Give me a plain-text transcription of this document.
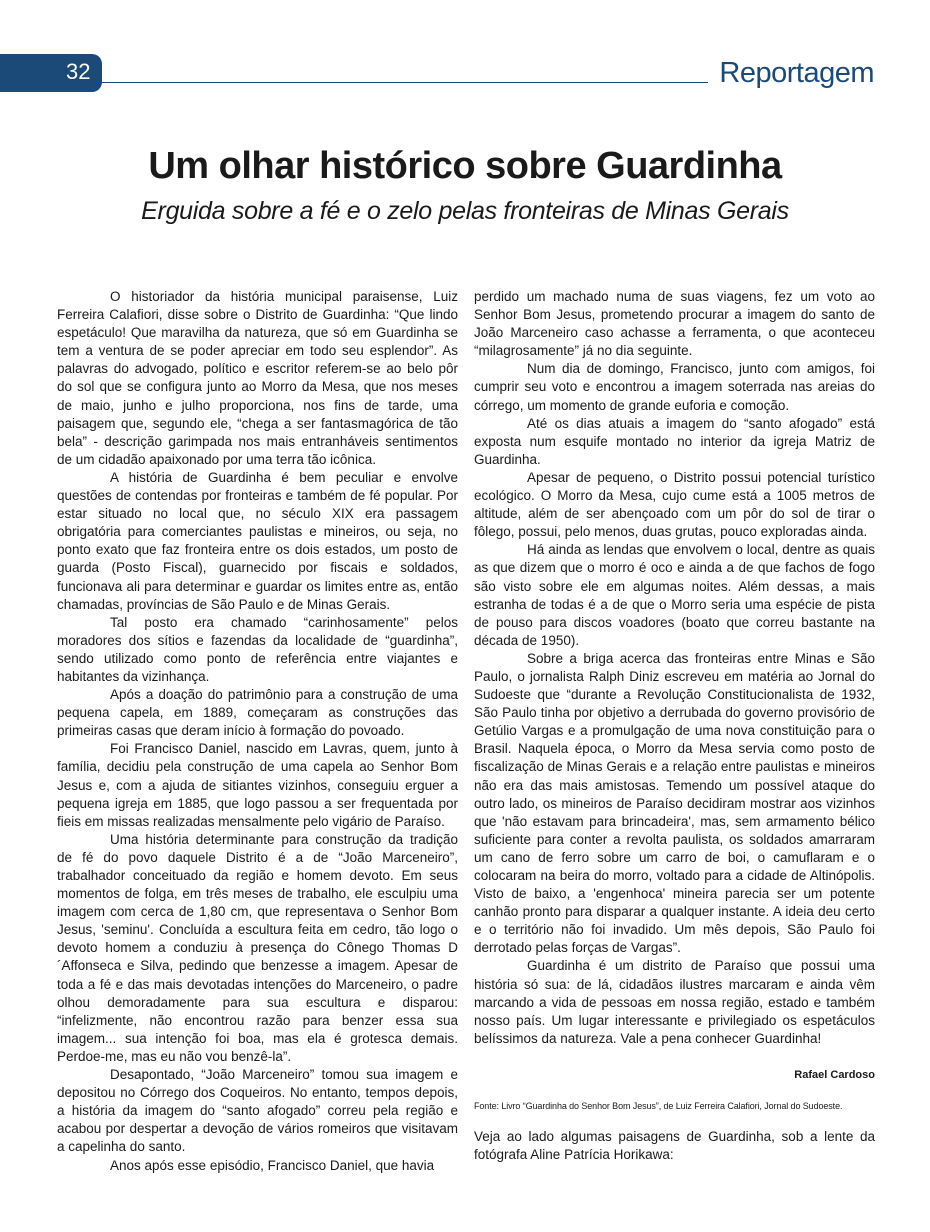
32	Reportagem
Um olhar histórico sobre Guardinha
Erguida sobre a fé e o zelo pelas fronteiras de Minas Gerais

O historiador da história municipal paraisense, Luiz Ferreira Calafiori, disse sobre o Distrito de Guardinha: “Que lindo espetáculo! Que maravilha da natureza, que só em Guardinha se tem a ventura de se poder apreciar em todo seu esplendor”. As palavras do advogado, político e escritor referem-se ao belo pôr do sol que se configura junto ao Morro da Mesa, que nos meses de maio, junho e julho proporciona, nos fins de tarde, uma paisagem que, segundo ele, “chega a ser fantasmagórica de tão bela” - descrição garimpada nos mais entranháveis sentimentos de um cidadão apaixonado por uma terra tão icônica.

A história de Guardinha é bem peculiar e envolve questões de contendas por fronteiras e também de fé popular. Por estar situado no local que, no século XIX era passagem obrigatória para comerciantes paulistas e mineiros, ou seja, no ponto exato que faz fronteira entre os dois estados, um posto de guarda (Posto Fiscal), guarnecido por fiscais e soldados, funcionava ali para determinar e guardar os limites entre as, então chamadas, províncias de São Paulo e de Minas Gerais.

Tal posto era chamado “carinhosamente” pelos moradores dos sítios e fazendas da localidade de “guardinha”, sendo utilizado como ponto de referência entre viajantes e habitantes da vizinhança.

Após a doação do patrimônio para a construção de uma pequena capela, em 1889, começaram as construções das primeiras casas que deram início à formação do povoado.

Foi Francisco Daniel, nascido em Lavras, quem, junto à família, decidiu pela construção de uma capela ao Senhor Bom Jesus e, com a ajuda de sitiantes vizinhos, conseguiu erguer a pequena igreja em 1885, que logo passou a ser frequentada por fieis em missas realizadas mensalmente pelo vigário de Paraíso.

Uma história determinante para construção da tradição de fé do povo daquele Distrito é a de “João Marceneiro”, trabalhador conceituado da região e homem devoto. Em seus momentos de folga, em três meses de trabalho, ele esculpiu uma imagem com cerca de 1,80 cm, que representava o Senhor Bom Jesus, 'seminu'. Concluída a escultura feita em cedro, tão logo o devoto homem a conduziu à presença do Cônego Thomas D´Affonseca e Silva, pedindo que benzesse a imagem. Apesar de toda a fé e das mais devotadas intenções do Marceneiro, o padre olhou demoradamente para sua escultura e disparou: “infelizmente, não encontrou razão para benzer essa sua imagem... sua intenção foi boa, mas ela é grotesca demais. Perdoe-me, mas eu não vou benzê-la”.

Desapontado, “João Marceneiro” tomou sua imagem e depositou no Córrego dos Coqueiros. No entanto, tempos depois, a história da imagem do “santo afogado” correu pela região e acabou por despertar a devoção de vários romeiros que visitavam a capelinha do santo.

Anos após esse episódio, Francisco Daniel, que havia

perdido um machado numa de suas viagens, fez um voto ao Senhor Bom Jesus, prometendo procurar a imagem do santo de João Marceneiro caso achasse a ferramenta, o que aconteceu “milagrosamente” já no dia seguinte.

Num dia de domingo, Francisco, junto com amigos, foi cumprir seu voto e encontrou a imagem soterrada nas areias do córrego, um momento de grande euforia e comoção.

Até os dias atuais a imagem do “santo afogado” está exposta num esquife montado no interior da igreja Matriz de Guardinha.

Apesar de pequeno, o Distrito possui potencial turístico ecológico. O Morro da Mesa, cujo cume está a 1005 metros de altitude, além de ser abençoado com um pôr do sol de tirar o fôlego, possui, pelo menos, duas grutas, pouco exploradas ainda.

Há ainda as lendas que envolvem o local, dentre as quais as que dizem que o morro é oco e ainda a de que fachos de fogo são visto sobre ele em algumas noites. Além dessas, a mais estranha de todas é a de que o Morro seria uma espécie de pista de pouso para discos voadores (boato que correu bastante na década de 1950).

Sobre a briga acerca das fronteiras entre Minas e São Paulo, o jornalista Ralph Diniz escreveu em matéria ao Jornal do Sudoeste que “durante a Revolução Constitucionalista de 1932, São Paulo tinha por objetivo a derrubada do governo provisório de Getúlio Vargas e a promulgação de uma nova constituição para o Brasil. Naquela época, o Morro da Mesa servia como posto de fiscalização de Minas Gerais e a relação entre paulistas e mineiros não era das mais amistosas. Temendo um possível ataque do outro lado, os mineiros de Paraíso decidiram mostrar aos vizinhos que 'não estavam para brincadeira', mas, sem armamento bélico suficiente para conter a revolta paulista, os soldados amarraram um cano de ferro sobre um carro de boi, o camuflaram e o colocaram na beira do morro, voltado para a cidade de Altinópolis. Visto de baixo, a 'engenhoca' mineira parecia ser um potente canhão pronto para disparar a qualquer instante. A ideia deu certo e o território não foi invadido. Um mês depois, São Paulo foi derrotado pelas forças de Vargas”.

Guardinha é um distrito de Paraíso que possui uma história só sua: de lá, cidadãos ilustres marcaram e ainda vêm marcando a vida de pessoas em nossa região, estado e também nosso país. Um lugar interessante e privilegiado os espetáculos belíssimos da natureza. Vale a pena conhecer Guardinha!

Rafael Cardoso
Fonte: Livro “Guardinha do Senhor Bom Jesus”, de Luiz Ferreira Calafiori, Jornal do Sudoeste.

Veja ao lado algumas paisagens de Guardinha, sob a lente da fotógrafa Aline Patrícia Horikawa:
